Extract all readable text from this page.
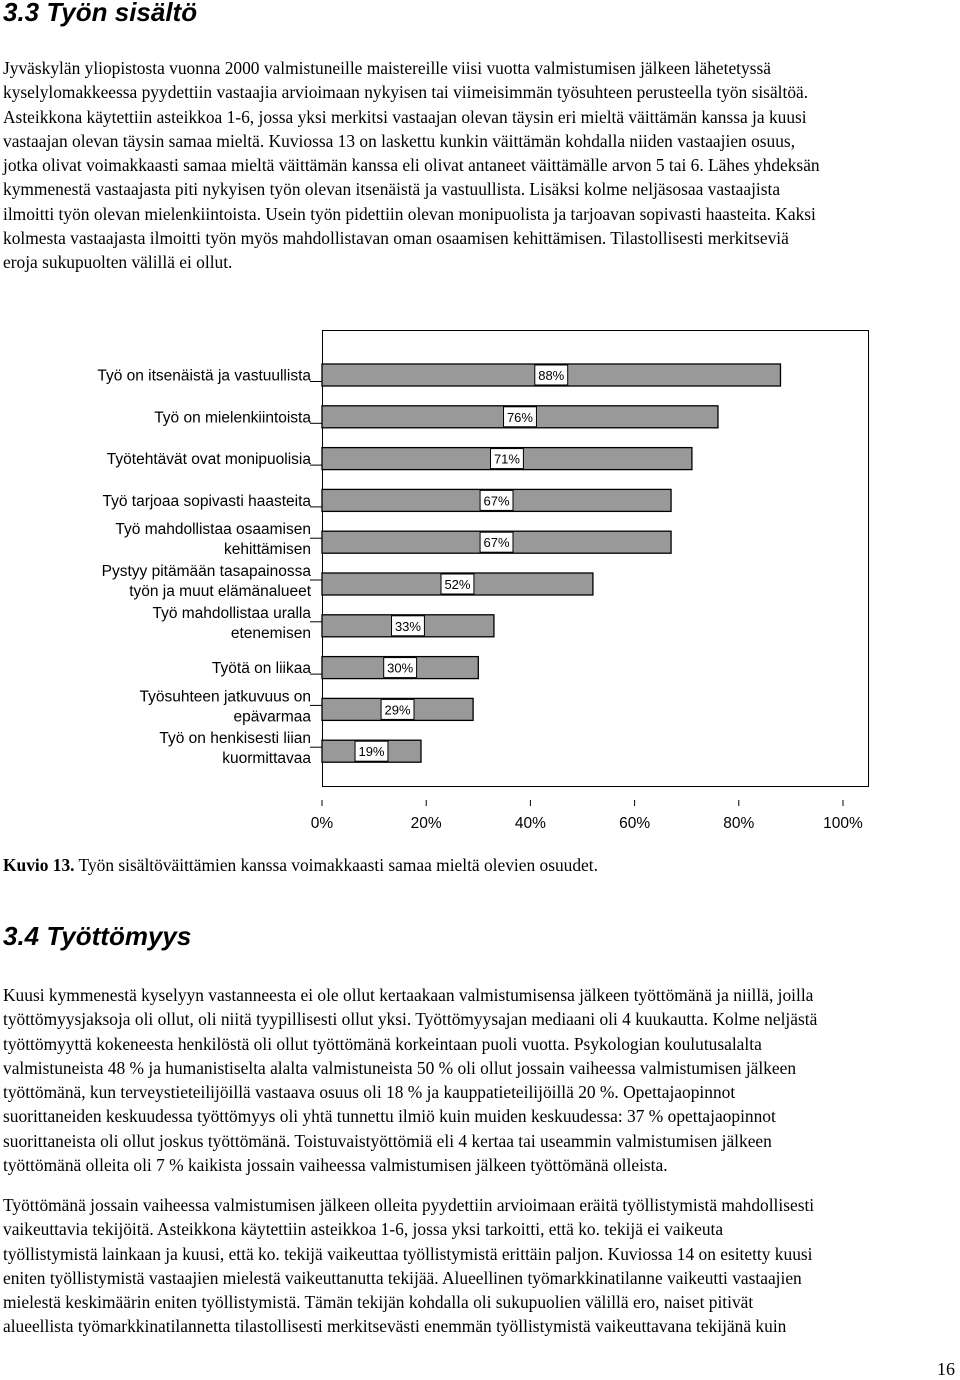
3.3 Työn sisältö
Jyväskylän yliopistosta vuonna 2000 valmistuneille maistereille viisi vuotta valmistumisen jälkeen lähetetyssä
kyselylomakkeessa pyydettiin vastaajia arvioimaan nykyisen tai viimeisimmän työsuhteen perusteella työn sisältöä.
Asteikkona käytettiin asteikkoa 1-6, jossa yksi merkitsi vastaajan olevan täysin eri mieltä väittämän kanssa ja kuusi
vastaajan olevan täysin samaa mieltä. Kuviossa 13 on laskettu kunkin väittämän kohdalla niiden vastaajien osuus,
jotka olivat voimakkaasti samaa mieltä väittämän kanssa eli olivat antaneet väittämälle arvon 5 tai 6. Lähes yhdeksän
kymmenestä vastaajasta piti nykyisen työn olevan itsenäistä ja vastuullista. Lisäksi kolme neljäsosaa vastaajista
ilmoitti työn olevan mielenkiintoista. Usein työn pidettiin olevan monipuolista ja tarjoavan sopivasti haasteita. Kaksi
kolmesta vastaajasta ilmoitti työn myös mahdollistavan oman osaamisen kehittämisen. Tilastollisesti merkitseviä
eroja sukupuolten välillä ei ollut.
88%
Työ on itsenäistä ja vastuullista
76%
Työ on mielenkiintoista
71%
Työtehtävät ovat monipuolisia
67%
Työ tarjoaa sopivasti haasteita
67%
Työ mahdollistaa osaamisen
kehittämisen
52%
Pystyy pitämään tasapainossa
työn ja muut elämänalueet
33%
Työ mahdollistaa uralla
etenemisen
30%
Työtä on liikaa
29%
Työsuhteen jatkuvuus on
epävarmaa
19%
Työ on henkisesti liian
kuormittavaa
0%	20%	40%	60%	80%	100%

Kuvio 13. Työn sisältöväittämien kanssa voimakkaasti samaa mieltä olevien osuudet.

3.4 Työttömyys
Kuusi kymmenestä kyselyyn vastanneesta ei ole ollut kertaakaan valmistumisensa jälkeen työttömänä ja niillä, joilla
työttömyysjaksoja oli ollut, oli niitä tyypillisesti ollut yksi. Työttömyysajan mediaani oli 4 kuukautta. Kolme neljästä
työttömyyttä kokeneesta henkilöstä oli ollut työttömänä korkeintaan puoli vuotta. Psykologian koulutusalalta
valmistuneista 48 % ja humanistiselta alalta valmistuneista 50 % oli ollut jossain vaiheessa valmistumisen jälkeen
työttömänä, kun terveystieteilijöillä vastaava osuus oli 18 % ja kauppatieteilijöillä 20 %. Opettajaopinnot
suorittaneiden keskuudessa työttömyys oli yhtä tunnettu ilmiö kuin muiden keskuudessa: 37 % opettajaopinnot
suorittaneista oli ollut joskus työttömänä. Toistuvaistyöttömiä eli 4 kertaa tai useammin valmistumisen jälkeen
työttömänä olleita oli 7 % kaikista jossain vaiheessa valmistumisen jälkeen työttömänä olleista.
Työttömänä jossain vaiheessa valmistumisen jälkeen olleita pyydettiin arvioimaan eräitä työllistymistä mahdollisesti
vaikeuttavia tekijöitä. Asteikkona käytettiin asteikkoa 1-6, jossa yksi tarkoitti, että ko. tekijä ei vaikeuta
työllistymistä lainkaan ja kuusi, että ko. tekijä vaikeuttaa työllistymistä erittäin paljon. Kuviossa 14 on esitetty kuusi
eniten työllistymistä vastaajien mielestä vaikeuttanutta tekijää. Alueellinen työmarkkinatilanne vaikeutti vastaajien
mielestä keskimäärin eniten työllistymistä. Tämän tekijän kohdalla oli sukupuolien välillä ero, naiset pitivät
alueellista työmarkkinatilannetta tilastollisesti merkitsevästi enemmän työllistymistä vaikeuttavana tekijänä kuin

16
